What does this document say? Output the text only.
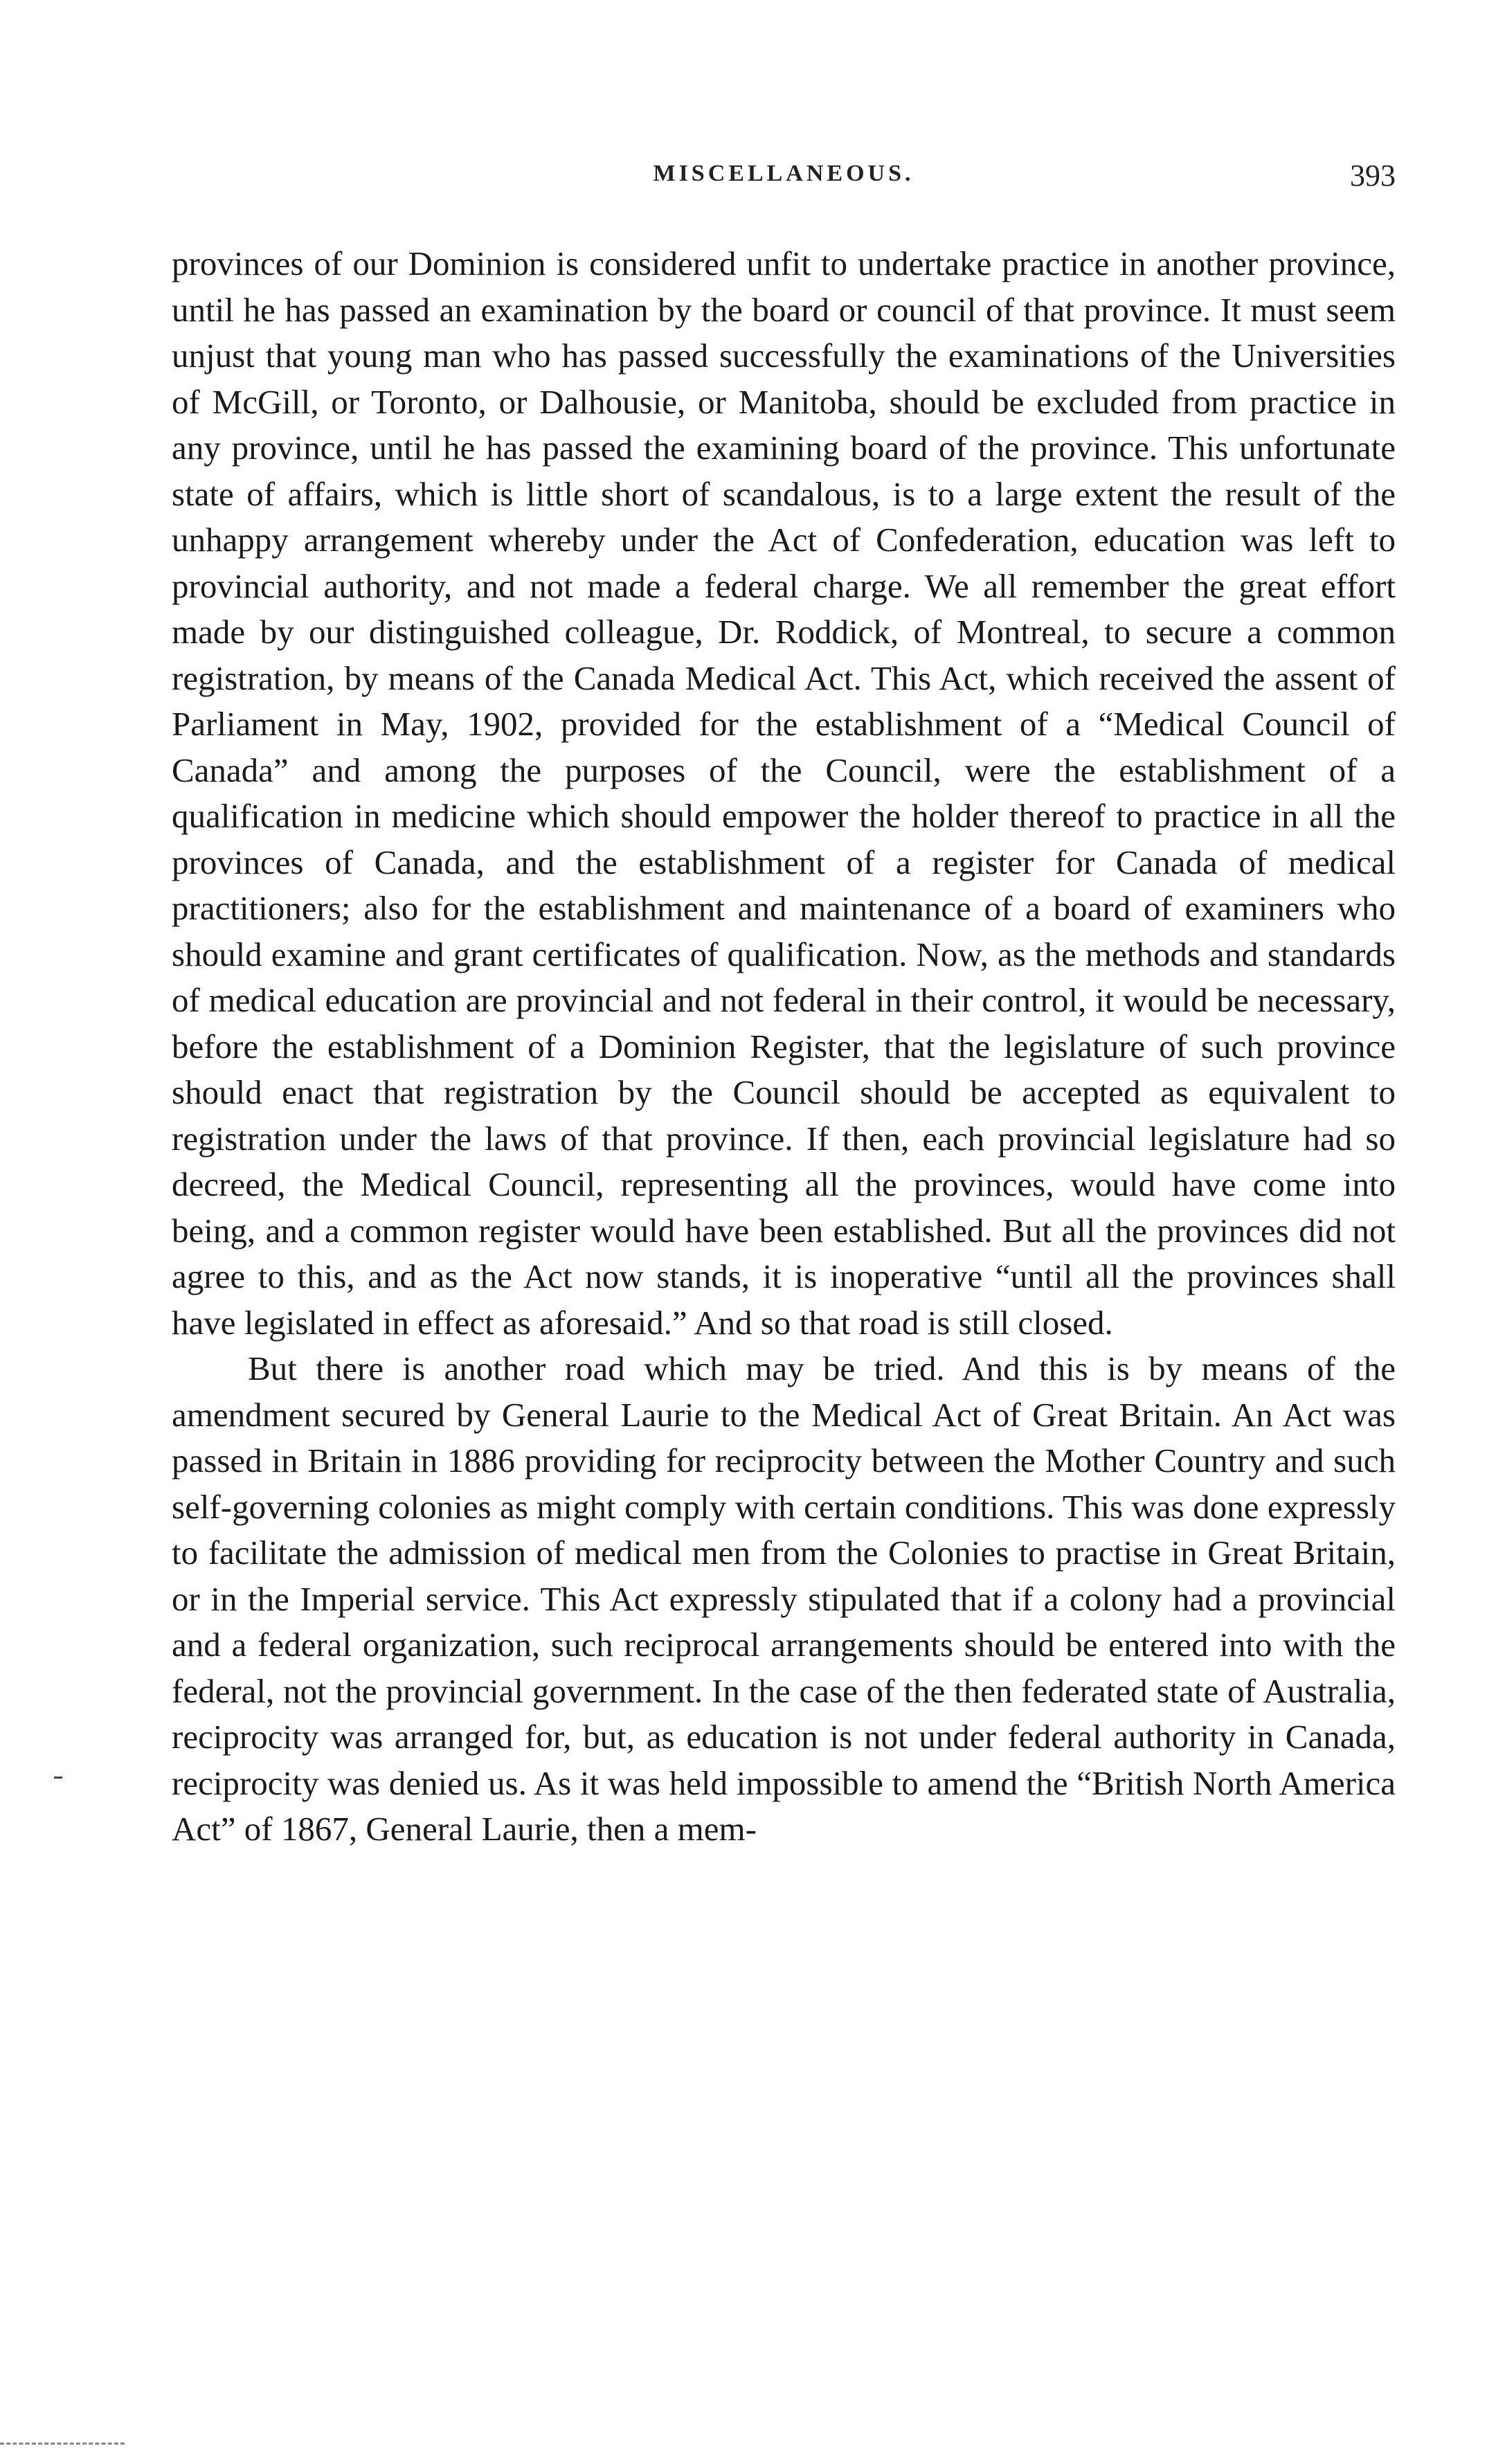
MISCELLANEOUS.	393

provinces of our Dominion is considered unfit to undertake practice in another province, until he has passed an examination by the board or council of that province. It must seem unjust that young man who has passed successfully the examinations of the Universities of McGill, or Toronto, or Dalhousie, or Manitoba, should be excluded from practice in any province, until he has passed the examining board of the province. This unfortunate state of affairs, which is little short of scandalous, is to a large extent the result of the unhappy arrangement whereby under the Act of Confederation, education was left to provincial authority, and not made a federal charge. We all remember the great effort made by our distinguished colleague, Dr. Roddick, of Montreal, to secure a common registration, by means of the Canada Medical Act. This Act, which received the assent of Parliament in May, 1902, provided for the establishment of a “Medical Council of Canada” and among the purposes of the Council, were the establishment of a qualification in medicine which should empower the holder thereof to practice in all the provinces of Canada, and the establishment of a register for Canada of medical practitioners; also for the establishment and maintenance of a board of examiners who should examine and grant certificates of qualification. Now, as the methods and standards of medical education are provincial and not federal in their control, it would be necessary, before the establishment of a Dominion Register, that the legislature of such province should enact that registration by the Council should be accepted as equivalent to registration under the laws of that province. If then, each provincial legislature had so decreed, the Medical Council, representing all the provinces, would have come into being, and a common register would have been established. But all the provinces did not agree to this, and as the Act now stands, it is inoperative “until all the provinces shall have legislated in effect as aforesaid.” And so that road is still closed.

But there is another road which may be tried. And this is by means of the amendment secured by General Laurie to the Medical Act of Great Britain. An Act was passed in Britain in 1886 providing for reciprocity between the Mother Country and such self-governing colonies as might comply with certain conditions. This was done expressly to facilitate the admission of medical men from the Colonies to practise in Great Britain, or in the Imperial service. This Act expressly stipulated that if a colony had a provincial and a federal organization, such reciprocal arrangements should be entered into with the federal, not the provincial government. In the case of the then federated state of Australia, reciprocity was arranged for, but, as education is not under federal authority in Canada, reciprocity was denied us. As it was held impossible to amend the “British North America Act” of 1867, General Laurie, then a mem-
